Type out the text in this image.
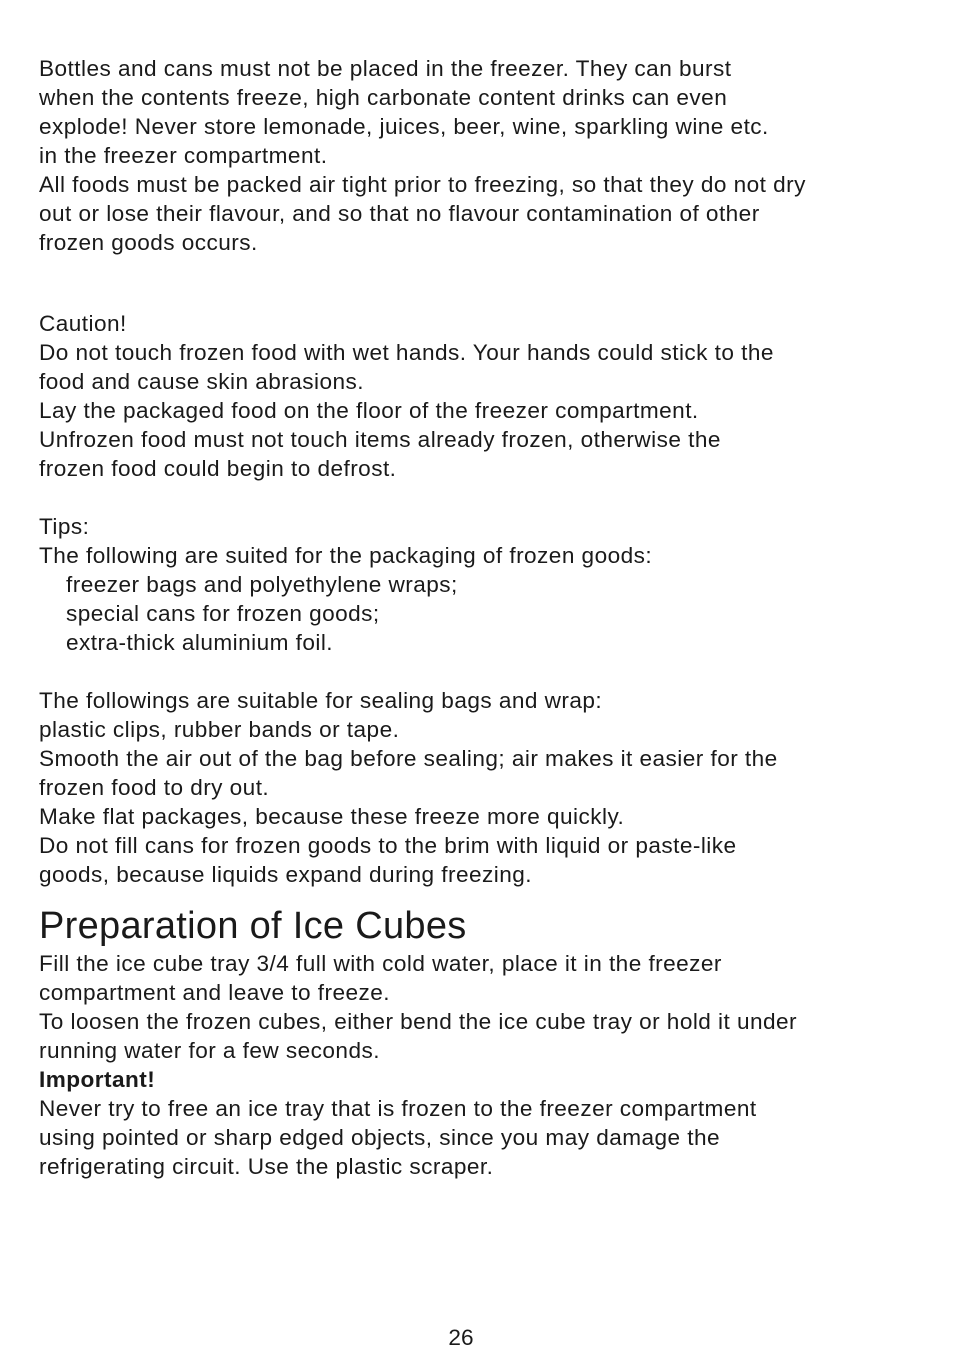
Bottles and cans must not be placed in the freezer. They can burst
when the contents freeze, high carbonate content drinks can even
explode! Never store lemonade, juices, beer, wine, sparkling wine etc.
in the freezer compartment.
All foods must be packed air tight prior to freezing, so that they do not dry
out or lose their flavour, and so that no flavour contamination of other
frozen goods occurs.
Caution!
Do not touch frozen food with wet hands. Your hands could stick to the
food and cause skin abrasions.
Lay the packaged food on the floor of the freezer compartment.
Unfrozen food must not touch items already frozen, otherwise the
frozen food could begin to defrost.
Tips:
The following are suited for the packaging of frozen goods:
freezer bags and polyethylene wraps;
special cans for frozen goods;
extra-thick aluminium foil.
The followings are suitable for sealing bags and wrap:
plastic clips, rubber bands or tape.
Smooth the air out of the bag before sealing; air makes it easier for the
frozen food to dry out.
Make flat packages, because these freeze more quickly.
Do not fill cans for frozen goods to the brim with liquid or paste-like
goods, because liquids expand during freezing.
Preparation of Ice Cubes
Fill the ice cube tray 3/4 full with cold water, place it in the freezer
compartment and leave to freeze.
To loosen the frozen cubes, either bend the ice cube tray or hold it under
running water for a few seconds.
Important!
Never try to free an ice tray that is frozen to the freezer compartment
using pointed or sharp edged objects, since you may damage the
refrigerating circuit. Use the plastic scraper.
26
